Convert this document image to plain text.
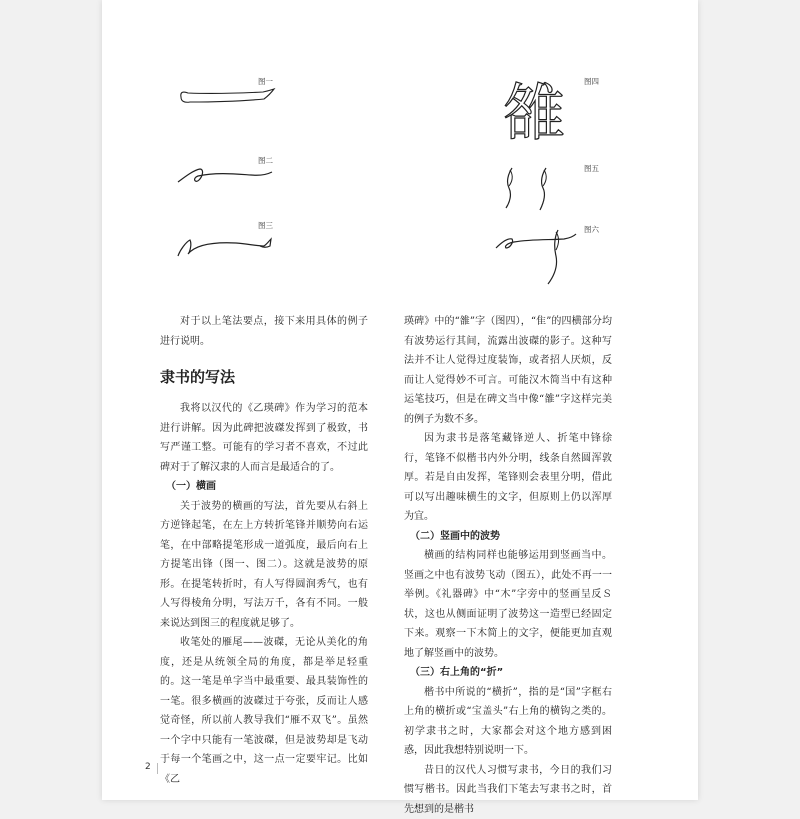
图一
图二
图三
雒	图四
图五
图六

对于以上笔法要点，接下来用具体的例子进行说明。

隶书的写法

我将以汉代的《乙瑛碑》作为学习的范本进行讲解。因为此碑把波磔发挥到了极致，书写严谨工整。可能有的学习者不喜欢，不过此碑对于了解汉隶的人而言是最适合的了。

（一）横画

关于波势的横画的写法，首先要从右斜上方逆锋起笔，在左上方转折笔锋并顺势向右运笔，在中部略提笔形成一道弧度，最后向右上方提笔出锋（图一、图二）。这就是波势的原形。在提笔转折时，有人写得圆润秀气，也有人写得棱角分明，写法万千，各有不同。一般来说达到图三的程度就足够了。

收笔处的雁尾——波磔，无论从美化的角度，还是从统领全局的角度，都是举足轻重的。这一笔是单字当中最重要、最具装饰性的一笔。很多横画的波磔过于夸张，反而让人感觉奇怪，所以前人教导我们“雁不双飞”。虽然一个字中只能有一笔波磔，但是波势却是飞动于每一个笔画之中，这一点一定要牢记。比如《乙

瑛碑》中的“雒”字（图四），“隹”的四横部分均有波势运行其间，流露出波磔的影子。这种写法并不让人觉得过度装饰，或者招人厌烦，反而让人觉得妙不可言。可能汉木简当中有这种运笔技巧，但是在碑文当中像“雒”字这样完美的例子为数不多。

因为隶书是落笔藏锋逆人、折笔中锋徐行，笔锋不似楷书内外分明，线条自然圆浑敦厚。若是自由发挥，笔锋则会表里分明，借此可以写出趣味横生的文字，但原则上仍以浑厚为宜。

（二）竖画中的波势

横画的结构同样也能够运用到竖画当中。竖画之中也有波势飞动（图五），此处不再一一举例。《礼器碑》中“木”字旁中的竖画呈反Ｓ状，这也从侧面证明了波势这一造型已经固定下来。观察一下木简上的文字，便能更加直观地了解竖画中的波势。

（三）右上角的“折”

楷书中所说的“横折”，指的是“国”字框右上角的横折或“宝盖头”右上角的横钩之类的。初学隶书之时，大家都会对这个地方感到困惑，因此我想特别说明一下。

昔日的汉代人习惯写隶书，今日的我们习惯写楷书。因此当我们下笔去写隶书之时，首先想到的是楷书

2
